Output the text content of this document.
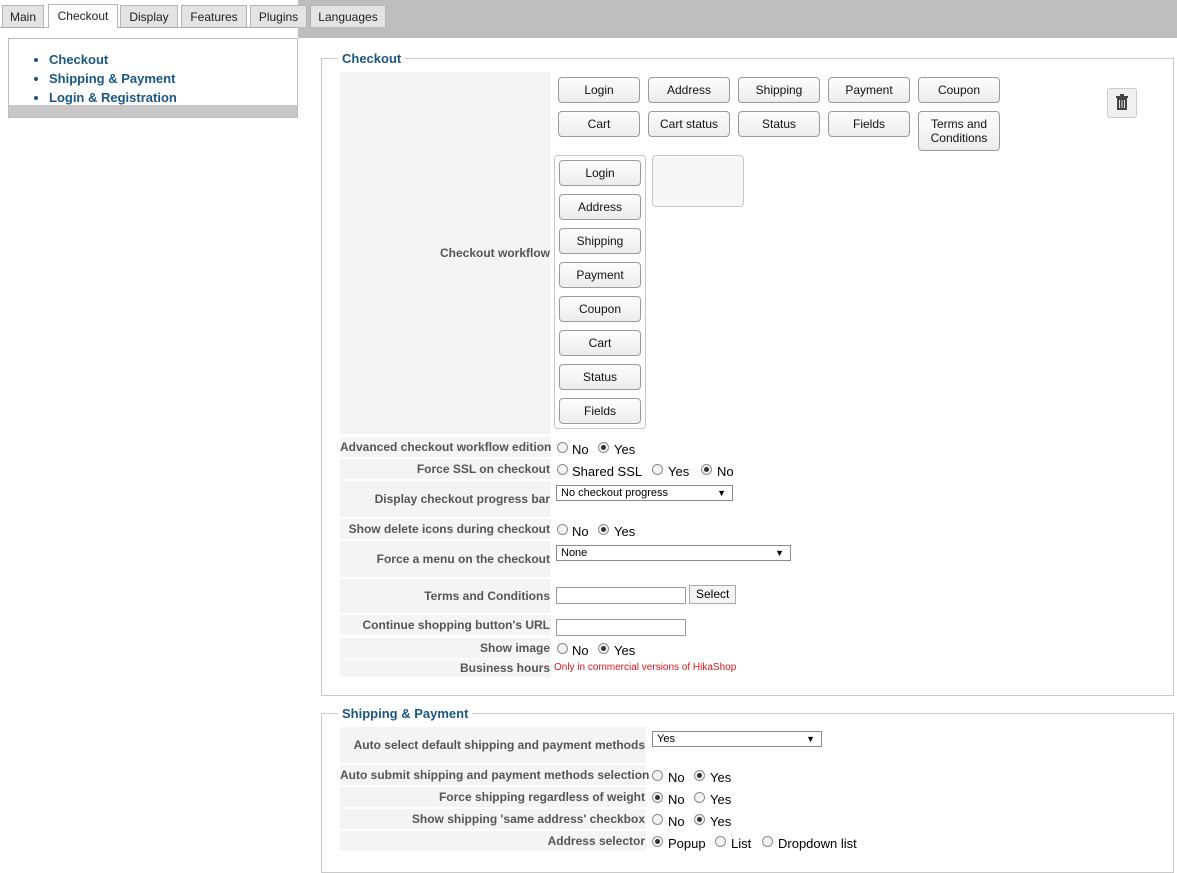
Main	Checkout	Display	Features	Plugins	Languages
• Checkout
• Shipping & Payment
• Login & Registration
Checkout
Checkout workflow
Login	Address	Shipping	Payment	Coupon
Cart	Cart status	Status	Fields	Terms and Conditions
Login
Address
Shipping
Payment
Coupon
Cart
Status
Fields
Advanced checkout workflow edition No Yes
Force SSL on checkout Shared SSL Yes No
Display checkout progress bar	No checkout progress	▼
Show delete icons during checkout No Yes
Force a menu on the checkout	None	▼
Terms and Conditions	Select
Continue shopping button's URL
Show image No Yes
Business hours Only in commercial versions of HikaShop
Shipping & Payment
Auto select default shipping and payment methods	Yes	▼
Auto submit shipping and payment methods selection No Yes
Force shipping regardless of weight No Yes
Show shipping 'same address' checkbox No Yes
Address selector Popup List Dropdown list
